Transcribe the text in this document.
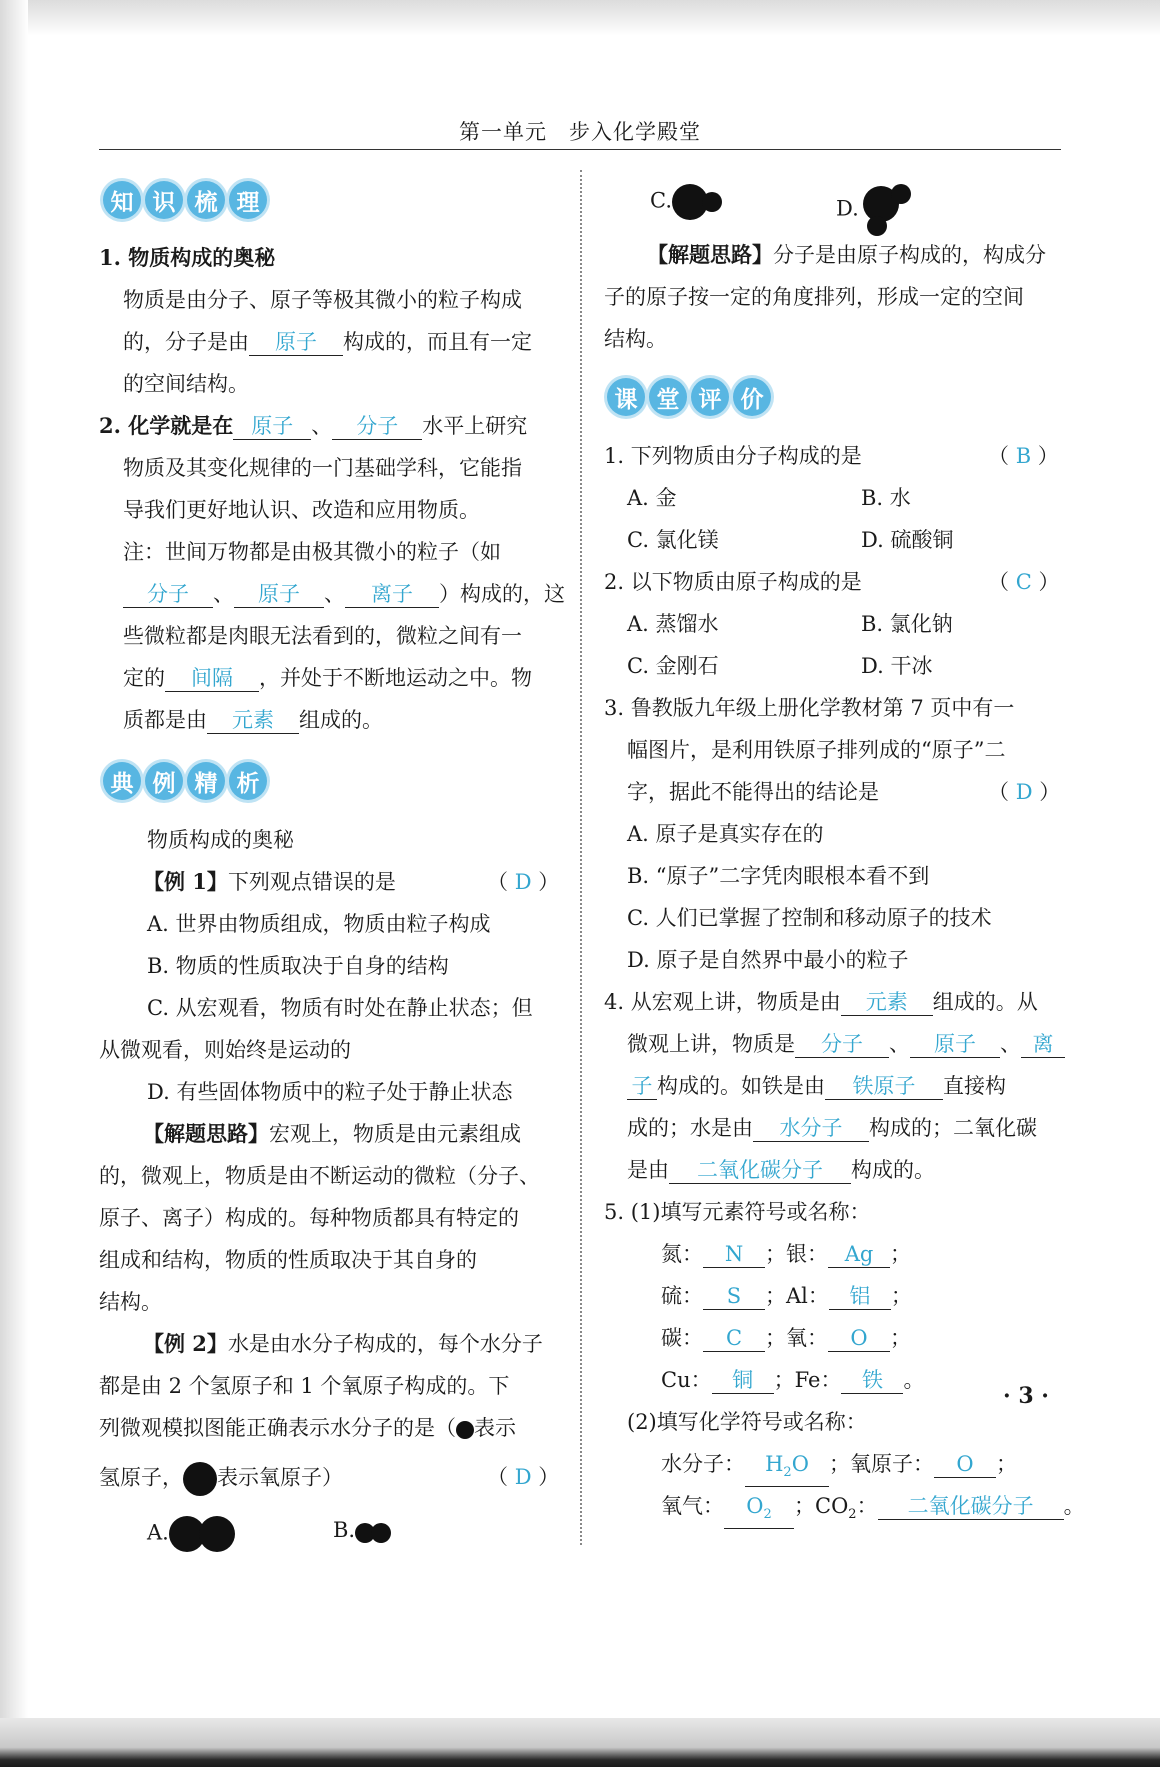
第一单元　步入化学殿堂
知 识 梳 理
1. 物质构成的奥秘
物质是由分子、原子等极其微小的粒子构成
的，分子是由 原子 构成的，而且有一定
的空间结构。
2. 化学就是在 原子 、 分子 水平上研究
物质及其变化规律的一门基础学科，它能指
导我们更好地认识、改造和应用物质。
注：世间万物都是由极其微小的粒子（如
分子 、 原子 、 离子 ）构成的，这
些微粒都是肉眼无法看到的，微粒之间有一
定的 间隔 ，并处于不断地运动之中。物
质都是由 元素 组成的。
典 例 精 析
物质构成的奥秘
【例 1】下列观点错误的是	（ D ）
A. 世界由物质组成，物质由粒子构成
B. 物质的性质取决于自身的结构
C. 从宏观看，物质有时处在静止状态；但
从微观看，则始终是运动的
D. 有些固体物质中的粒子处于静止状态
【解题思路】宏观上，物质是由元素组成
的，微观上，物质是由不断运动的微粒（分子、
原子、离子）构成的。每种物质都具有特定的
组成和结构，物质的性质取决于其自身的
结构。
【例 2】水是由水分子构成的，每个水分子
都是由 2 个氢原子和 1 个氧原子构成的。下
列微观模拟图能正确表示水分子的是（ 表示
氢原子， 表示氧原子）	（ D ）
A.	B.
C.	D.
【解题思路】分子是由原子构成的，构成分
子的原子按一定的角度排列，形成一定的空间
结构。
课 堂 评 价
1. 下列物质由分子构成的是	（ B ）
A. 金	B. 水
C. 氯化镁	D. 硫酸铜
2. 以下物质由原子构成的是	（ C ）
A. 蒸馏水	B. 氯化钠
C. 金刚石	D. 干冰
3. 鲁教版九年级上册化学教材第 7 页中有一
幅图片，是利用铁原子排列成的“原子”二
字，据此不能得出的结论是	（ D ）
A. 原子是真实存在的
B. “原子”二字凭肉眼根本看不到
C. 人们已掌握了控制和移动原子的技术
D. 原子是自然界中最小的粒子
4. 从宏观上讲，物质是由 元素 组成的。从
微观上讲，物质是 分子 、 原子 、 离
子 构成的。如铁是由 铁原子 直接构
成的；水是由 水分子 构成的；二氧化碳
是由 二氧化碳分子 构成的。
5. (1)填写元素符号或名称：
氮： N ；银： Ag ；
硫： S ；Al： 铝 ；
碳： C ；氧： O ；
Cu： 铜 ；Fe： 铁 。
(2)填写化学符号或名称：
水分子： $H_2O$ ；氧原子： O ；
氧气： $O_2$ ；$CO_2$： 二氧化碳分子 。
· 3 ·
